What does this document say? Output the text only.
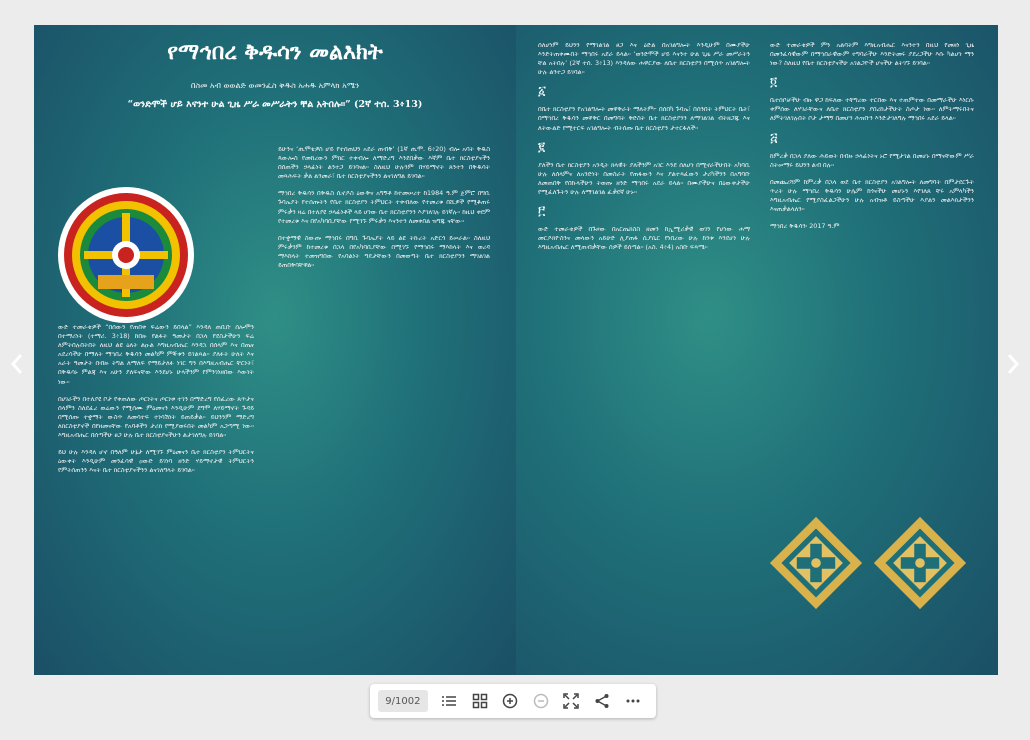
የማኅበረ ቅዱሳን መልእክት
በስመ አብ ወወልድ ወመንፈስ ቅዱስ አሐዱ አምላክ አሜን
“ወንድሞች ሆይ እናንተ ሁል ጊዜ ሥራ መሥራትን ቸል አትበሉ።” (2ኛ ተሰ. 3፥13)

ውድ ተመራቂዎች “በሰውን የጠበቀ ፍሬውን ይበላል” እንዳለ ጠቢቡ ሰሎሞን በተማሪነት (ተማሪ. 3፥18) ከበዙ የልፋት ዓመታት በኋላ የደስታችሁን ፍሬ ለምትበሉበትበት ለዚህ ልዩ ዕለት ልዑል እግዚአብሔር እንዳኋ በሰላም እና በጤና አደረሳችሁ በማለት ማኅበረ ቅዱሳን መልካም ምኞቱን ይገልጻል። ያለፉት ሁለት እና አራት ዓመታት በብዙ ትግል ለማለፍ የማይታለፉ ነገር ግን በእግዚአብሔር ቸርነት፣ በቅዱሳኑ ምልጃ እና አሁን ያለፍናቸው እንደሆኑ ሁላችንም የምንገነዘበው እውነት ነው።

በሀገራችን በተለያዩ ቦታ የቀጠለው ጦርነትና ጦርነቱ ተገን በማድረግ የሰፈረው ጸጥታና ሰላምን ስለደፈረ ወሬውን የሚሰሙ ምዕመናን እንዲሁም ደግሞ ለሃይማኖት ጉዳይ በሚሰጡ ተቋማት ውስጥ ለመሳተፍ ተነሳሽነት ይጠይቃል። ይህንንም ማድረግ ለክርስቲያኖች በየዘመናቸው የአባቶችን ታሪክ የሚያወሩበት መልካም አጋጣሚ ነው። እግዚአብሔር በሰጣችሁ ፀጋ ሁሉ ቤተ ክርስቲያናችሁን ልታገለግሉ ይገባል።

ይህ ሁሉ እንዳለ ሆኖ በዓለም ሁኔታ ለሚገኙ ምዕመናን ቤተ ክርስቲያን ትምህርትና ዕውቀት እንዲሁም መንፈሳዊ ዐውድ ይገነባ ዘንድ ሃይማኖታዊ ትምህርትን የምትሰጠንን እናት ቤተ ክርስቲያናችንን ልናገለግላት ይገባል።

ይሁንና ‘ጢሞቴዎስ ሆይ የተሰጠህን አደራ ጠብቅ’ (1ኛ ጢሞ. 6፥20) ብሎ አባት ቅዱስ ጳውሎስ የመከረውን ምክር ተቀብሎ ለማድረግ እንደበቃው እኛም ቤተ ክርስቲያናችን በሰጠችን ኃላፊነት ልንተጋ ይገባናል። ስለዚህ ሁሉንም በሃይማኖት ጸንተን በቅዱሳት መጻሕፍት ቃል ልንመራ፣ ቤተ ክርስቲያናችንን ልናገለግል ይገባል።

ማኅበረ ቅዱሳን በቅዱስ ሲኖዶስ ዕውቅና አግኝቶ ከተመሠረተ ከ1984 ዓ.ም ጀምሮ በግቢ ጉባኤያት የተሰጡትን የቤተ ክርስቲያን ትምህርት ተቀብለው የተመረቁ በሺዎች የሚቆጠሩ ምሩቃን ዛሬ በተለያዩ ኃላፊነቶች ላይ ሆነው ቤተ ክርስቲያንን እያገለገሉ ይገኛሉ። ከዚህ ቀደም የተመረቁ እና በየአካባቢያቸው የሚገኙ ምሩቃን እናንተን ለመቀበል ዝግጁ ናቸው።

በተቋማዊ ስውጡ ማኅበሩ በግቢ ጉባኤያት ላይ ልዩ ትኩረት አድርጎ ይሠራል። ስለዚህ ምሩቃንም ከተመረቁ በኋላ በየአካባቢያቸው በሚገኙ የማኅበሩ ማእከላት እና ወረዳ ማእከላት ተመዝግበው የአባልነት ግዴታቸውን በመወጣት ቤተ ክርስቲያንን ማገልገል ይጠበቅባቸዋል።

ሰለሆነም ይህንን የማገልገል ፀጋ እና ዕድል በአገልግሎት እንዲሁም በሙያችሁ እንድትጠቀሙበት ማኅበሩ አደራ ይላል። ‘ወንድሞች ሆይ እናንተ ሁል ጊዜ ሥራ መሥራትን ቸል አትበሉ’ (2ኛ ተሰ. 3፥13) እንዳለው ሐዋርያው ለቤተ ክርስቲያን በሚሰጥ አገልግሎት ሁሉ ልንተጋ ይገባል።

፩

በቤተ ክርስቲያን የአገልግሎት መዋቅራት ማለትም፦ በሰበካ ጉባኤ፣ በሰንበት ትምህርት ቤት፣ በማኅበረ ቅዱሳን መዋቅር በመግባት ቅድስት ቤተ ክርስቲያንን ለማገልገል ብትዘጋጁ እና ለትውልድ የሚተርፍ አገልግሎት ብትሰጡ ቤተ ክርስቲያን ታተርፋለች።

፪

ያለችን ቤተ ክርስቲያን አንዲት ክላዊት ያለችንም አገር እንደ ሰለሆነ በሚኖራችሁበት አካባቢ ሁሉ ለሰላምና ለአንድነት በመስራት የጠፋውን እና ያልተጻፈውን ታሪካችንን በአግባቡ ለመጠበቅ የበኩላችሁን ትወጡ ዘንድ ማኅበሩ አደራ ይላል። በሙያችሁና በዕውቀታችሁ የሚፈለጉትን ሁሉ ለማገልገል ፈቃደኛ ሁኑ።

፫

ውድ ተመራቂዎች በጉዞው በአርጤክስስ ዘመን ከኢሚሪቃዊ ወገን የሆነው ሐማ መርዶክዮስንና መላውን አይሁድ ሊያጠፋ ሲያሴር የነበረው ሁሉ ከንቱ እንደሆነ ሁሉ እግዚአብሔር ለሚጠብቃቸው ሰዎች ይሰጣል። (አስ. 4፥4) አስቡ ፍጻሜ።

ውድ ተመራቂዎች ምን አልባትም እግዚአብሔር እናንተን በዚህ የመዘነ ጊዜ በመንፈሳዊውም በማኅበራዊውም ተግባራችሁ እንድትመሩ ያደረጋችሁ እሱ ካልሆነ ማን ነው? ስለዚህ የቤተ ክርስቲያናችሁ አገልጋዮች ሆናችሁ ልትገኙ ይገባል።

፬

ቤተሰቦቻችሁ ብዙ ዋጋ ከፍለው ተቸግረው ተርበው እና ተጠምተው በመማራችሁ እነርሱ ቀምሰው ለሃገራቸውና ለቤተ ክርስቲያን ያበረከታችሁት ስጦታ ነው። ለምትማሩበትና ለምትገለገሉበት ቦታ ታማኝ በመሆን ሕዝቡን እንድታገለግሉ ማኅበሩ አደራ ይላል።

፭

ከምረቃ በኋላ ያለው ሕይወት በብዙ ኃላፊነትና ኑሮ የሚታገል በመሆኑ በማናቸውም ሥራ ስትሠማሩ ይህንን ልብ በሉ።

በመጨረሻም ከምረቃ በኋላ ወደ ቤተ ክርስቲያን አገልግሎት ለመግባት በምታደርጉት ጥረት ሁሉ ማኅበረ ቅዱሳን ሁሌም ከጎናችሁ መሆኑን እየገለጸ ቸሩ አምላካችን እግዚአብሔር የሚያስፈልጋችሁን ሁሉ አብዝቶ ይስጣችሁ እያልን መልእክታችንን እናጠቃልላለን።

ማኅበረ ቅዱሳን፡ 2017 ዓ.ም

9/1002
